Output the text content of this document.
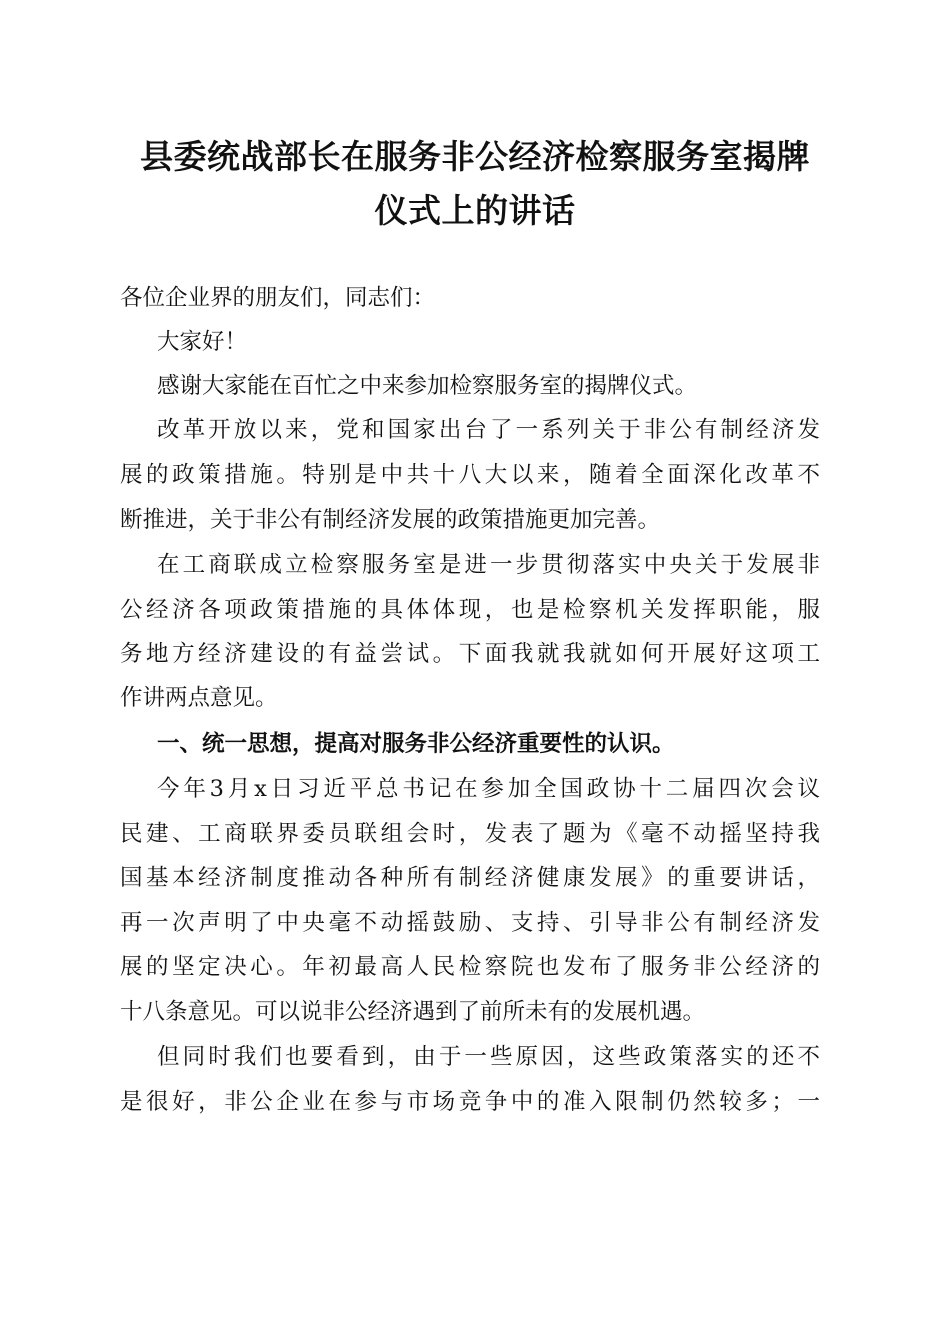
县委统战部长在服务非公经济检察服务室揭牌
仪式上的讲话

各位企业界的朋友们，同志们：

大家好！

感谢大家能在百忙之中来参加检察服务室的揭牌仪式。

改革开放以来，党和国家出台了一系列关于非公有制经济发

展的政策措施。特别是中共十八大以来，随着全面深化改革不

断推进，关于非公有制经济发展的政策措施更加完善。

在工商联成立检察服务室是进一步贯彻落实中央关于发展非

公经济各项政策措施的具体体现，也是检察机关发挥职能，服

务地方经济建设的有益尝试。下面我就我就如何开展好这项工

作讲两点意见。

一、统一思想，提高对服务非公经济重要性的认识。

今年3月x日习近平总书记在参加全国政协十二届四次会议

民建、工商联界委员联组会时，发表了题为《毫不动摇坚持我

国基本经济制度推动各种所有制经济健康发展》的重要讲话，

再一次声明了中央毫不动摇鼓励、支持、引导非公有制经济发

展的坚定决心。年初最高人民检察院也发布了服务非公经济的

十八条意见。可以说非公经济遇到了前所未有的发展机遇。

但同时我们也要看到，由于一些原因，这些政策落实的还不

是很好，非公企业在参与市场竞争中的准入限制仍然较多；一
